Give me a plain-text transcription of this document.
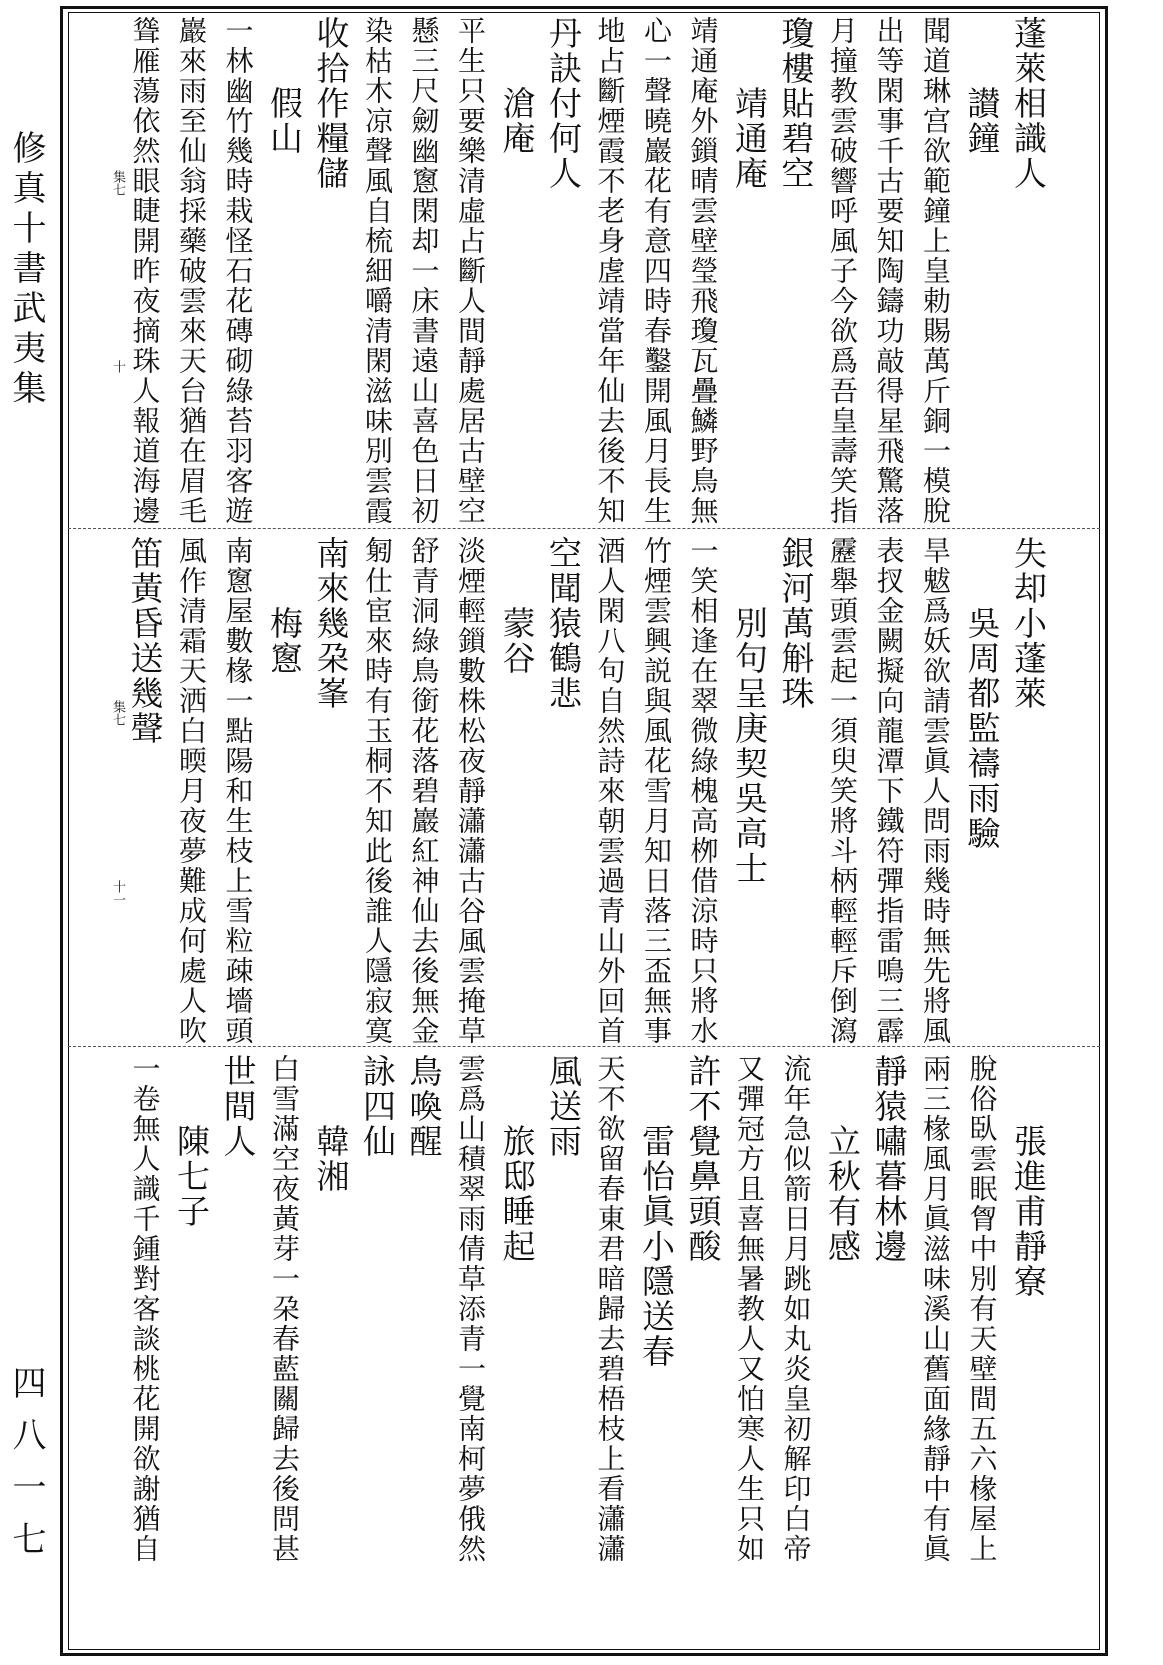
修真十書武夷集
四八一七
集七
十
集七
十一
蓬萊相識人
　　讃鐘
聞道琳宫欲範鐘上皇勅賜萬斤銅一模脫
出等閑事千古要知陶鑄功敲得星飛驚落
月撞教雲破響呼風子今欲爲吾皇壽笑指
瓊樓貼碧空
　　靖通庵
靖通庵外鎻晴雲壁瑩飛瓊瓦疊鱗野鳥無
心一聲曉巖花有意四時春鑿開風月長生
地占斷煙霞不老身虗靖當年仙去後不知
丹訣付何人
　　滄庵
平生只要樂清虛占斷人間靜處居古壁空
懸三尺劒幽窻閑却一床書遠山喜色日初
染枯木凉聲風自梳細嚼清閑滋味別雲霞
收拾作糧儲
　　假山
一林幽竹幾時栽怪石花磚砌綠苔羽客遊
巖來雨至仙翁採藥破雲來天台猶在眉毛
聳雁蕩依然眼睫開昨夜摘珠人報道海邊
失却小蓬萊
　　吳周都監禱雨驗
旱魃爲妖欲請雲眞人問雨幾時無先將風
表扠金闕擬向龍潭下鐵符彈指雷鳴三霹
靂舉頭雲起一須臾笑將斗柄輕輕斥倒瀉
銀河萬斛珠
　　別句呈庚契吳高士
一笑相逢在翠微綠槐高栁借涼時只將水
竹煙雲興説與風花雪月知日落三盃無事
酒人閑八句自然詩來朝雲過青山外回首
空聞猿鶴悲
　　蒙谷
淡煙輕鎻數株松夜靜瀟瀟古谷風雲掩草
舒青洞綠鳥銜花落碧巖紅神仙去後無金
匑仕宦來時有玉桐不知此後誰人隱寂寞
南來幾朶峯
　　梅窻
南窻屋數椽一點陽和生枝上雪粒疎墻頭
風作清霜天洒白㬉月夜夢難成何處人吹
笛黃昏送幾聲
　　張進甫靜寮
脫俗臥雲眠胷中別有天壁間五六椽屋上
兩三椽風月眞滋味溪山舊面緣靜中有眞
靜猿嘯暮林邊
　　立秋有感
流年急似箭日月跳如丸炎皇初解印白帝
又彈冠方且喜無暑教人又怕寒人生只如
許不覺鼻頭酸
　　雷怡眞小隱送春
天不欲留春東君暗歸去碧梧枝上看瀟瀟
風送雨
　　旅邸睡起
雲爲山積翠雨倩草添青一覺南柯夢俄然
鳥喚醒
詠四仙
　　韓湘
白雪滿空夜黃芽一朶春藍關歸去後問甚
世間人
　　陳七子
一卷無人識千鍾對客談桃花開欲謝猶自
